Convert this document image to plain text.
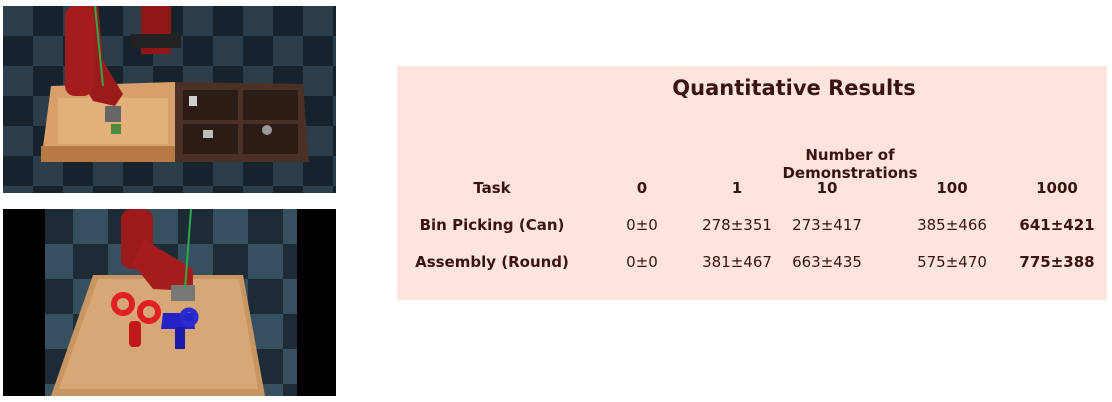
Quantitative Results
Number of Demonstrations
Task	0	1	10	100	1000
Bin Picking (Can)	0±0	278±351	273±417	385±466	641±421
Assembly (Round)	0±0	381±467	663±435	575±470	775±388
